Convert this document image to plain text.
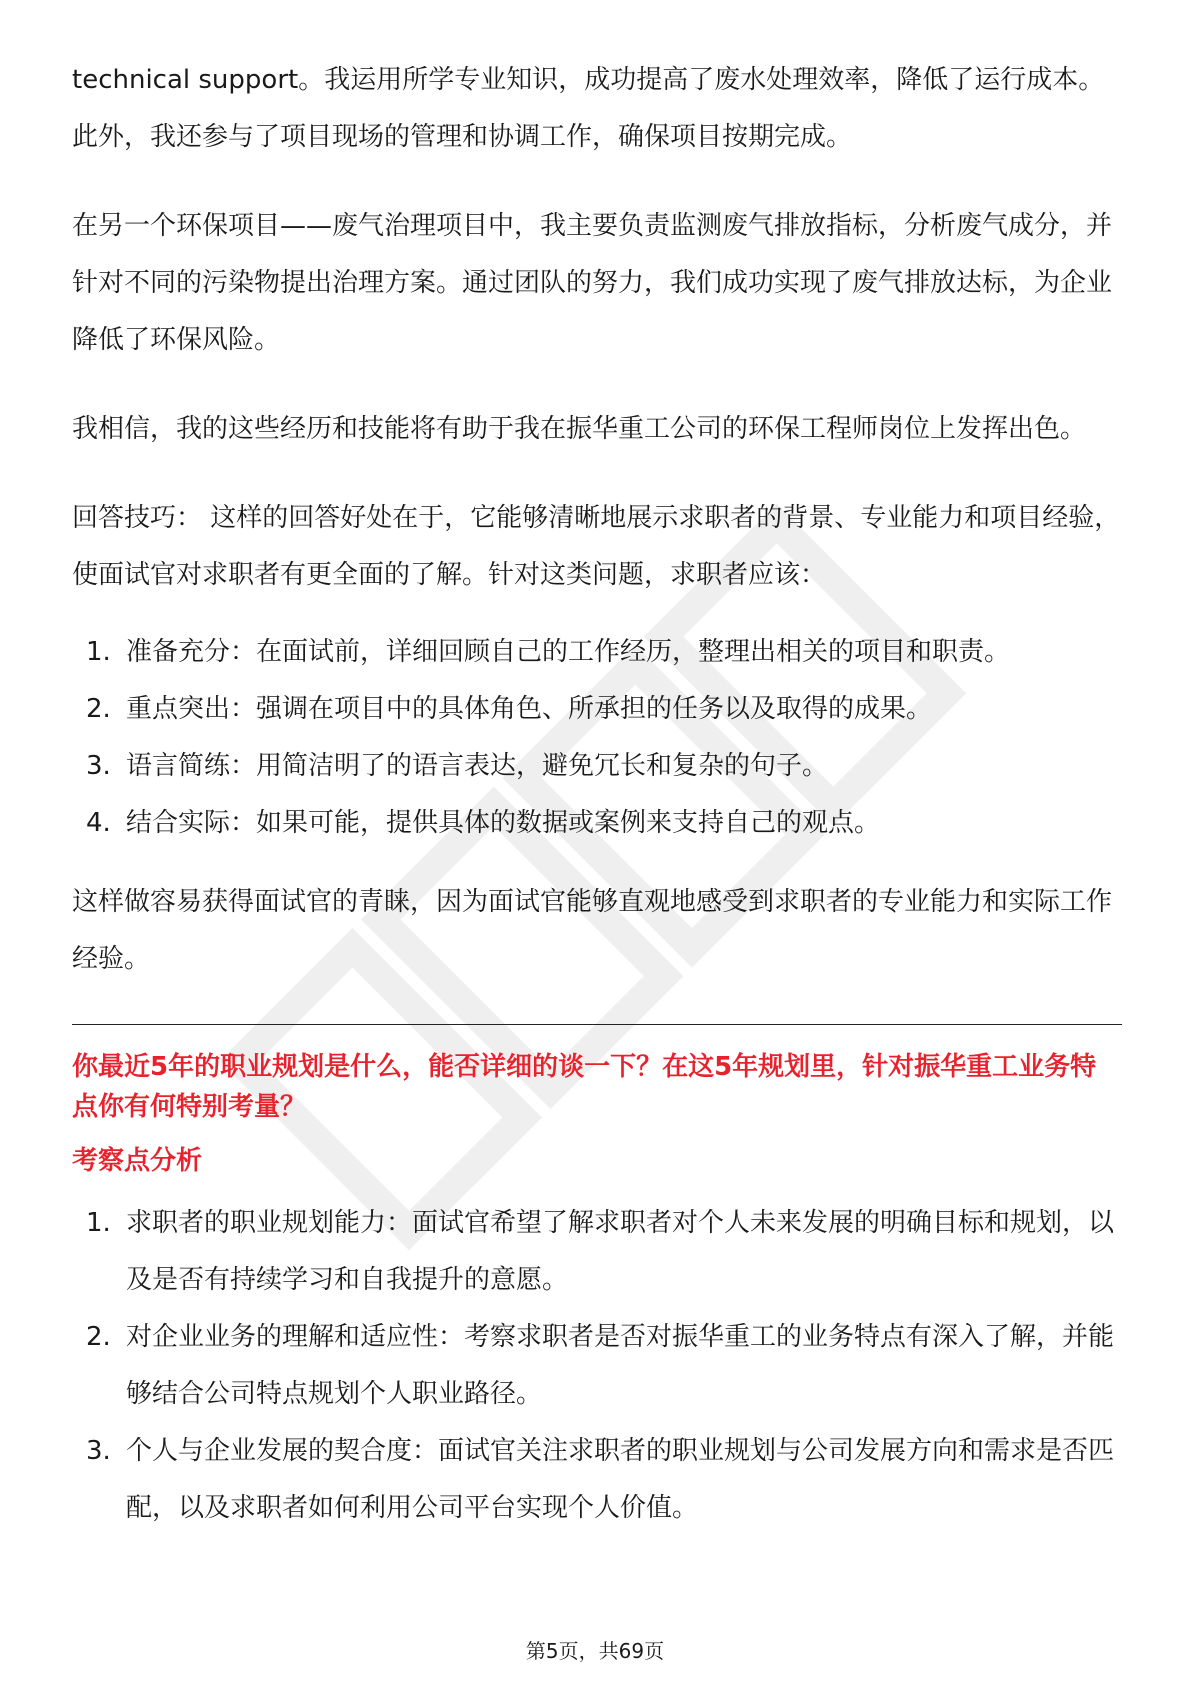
technical support。我运用所学专业知识，成功提高了废水处理效率，降低了运行成本。此外，我还参与了项目现场的管理和协调工作，确保项目按期完成。

在另一个环保项目——废气治理项目中，我主要负责监测废气排放指标，分析废气成分，并针对不同的污染物提出治理方案。通过团队的努力，我们成功实现了废气排放达标，为企业降低了环保风险。

我相信，我的这些经历和技能将有助于我在振华重工公司的环保工程师岗位上发挥出色。

回答技巧： 这样的回答好处在于，它能够清晰地展示求职者的背景、专业能力和项目经验，使面试官对求职者有更全面的了解。针对这类问题，求职者应该：

1. 准备充分：在面试前，详细回顾自己的工作经历，整理出相关的项目和职责。
2. 重点突出：强调在项目中的具体角色、所承担的任务以及取得的成果。
3. 语言简练：用简洁明了的语言表达，避免冗长和复杂的句子。
4. 结合实际：如果可能，提供具体的数据或案例来支持自己的观点。

这样做容易获得面试官的青睐，因为面试官能够直观地感受到求职者的专业能力和实际工作经验。

你最近5年的职业规划是什么，能否详细的谈一下？在这5年规划里，针对振华重工业务特点你有何特别考量？
考察点分析
1. 求职者的职业规划能力：面试官希望了解求职者对个人未来发展的明确目标和规划，以及是否有持续学习和自我提升的意愿。
2. 对企业业务的理解和适应性：考察求职者是否对振华重工的业务特点有深入了解，并能够结合公司特点规划个人职业路径。
3. 个人与企业发展的契合度：面试官关注求职者的职业规划与公司发展方向和需求是否匹配，以及求职者如何利用公司平台实现个人价值。
第5页，共69页
